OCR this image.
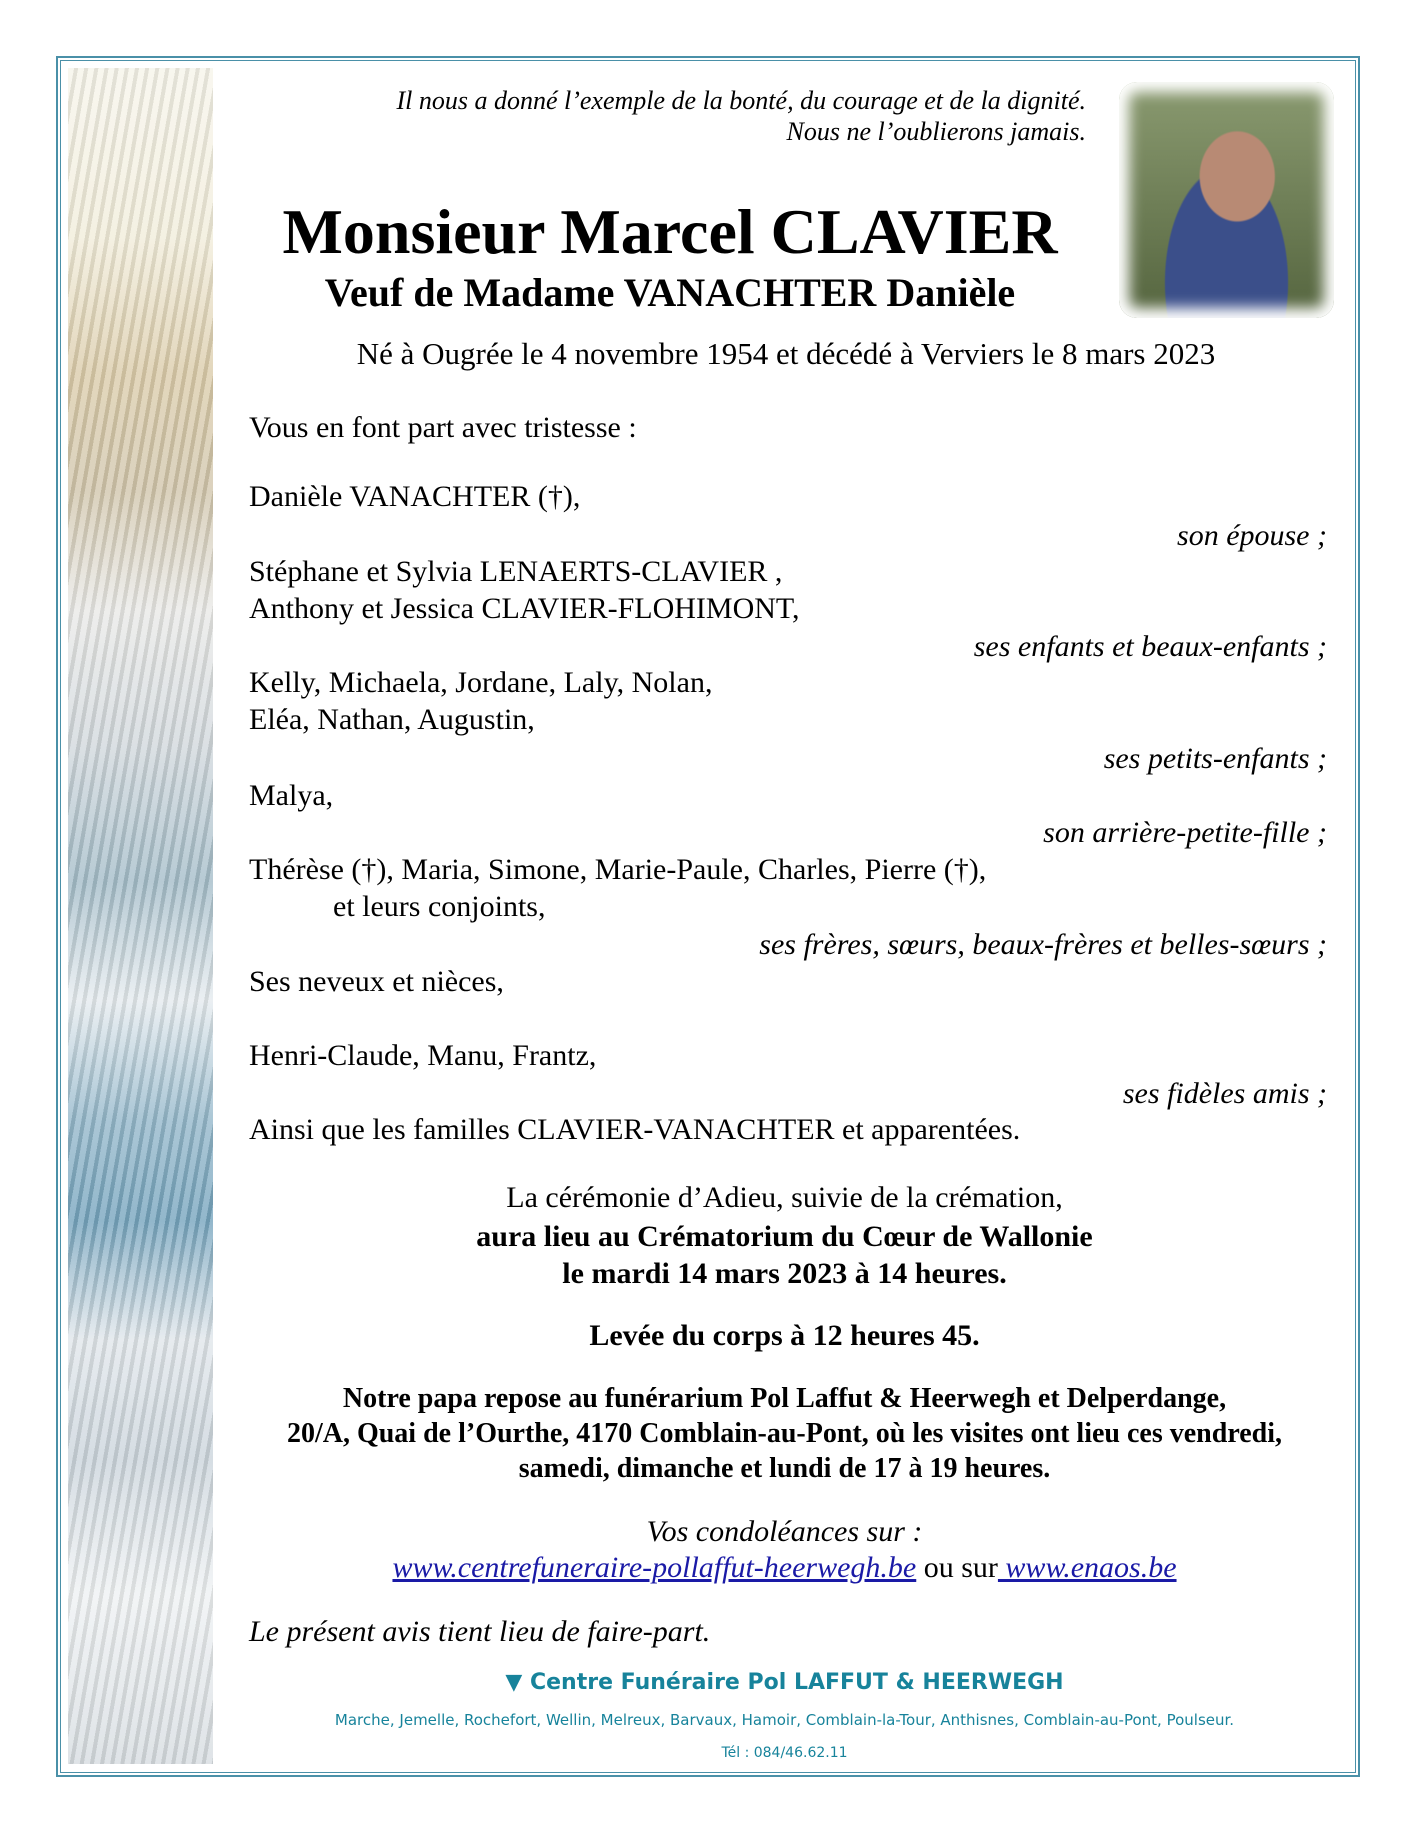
Il nous a donné l’exemple de la bonté, du courage et de la dignité.
Nous ne l’oublierons jamais.
Monsieur Marcel CLAVIER
Veuf de Madame VANACHTER Danièle
Né à Ougrée le 4 novembre 1954 et décédé à Verviers le 8 mars 2023
Vous en font part avec tristesse :
Danièle VANACHTER (†),
son épouse ;
Stéphane et Sylvia LENAERTS-CLAVIER ,
Anthony et Jessica CLAVIER-FLOHIMONT,
ses enfants et beaux-enfants ;
Kelly, Michaela, Jordane, Laly, Nolan,
Eléa, Nathan, Augustin,
ses petits-enfants ;
Malya,
son arrière-petite-fille ;
Thérèse (†), Maria, Simone, Marie-Paule, Charles, Pierre (†),
et leurs conjoints,
ses frères, sœurs, beaux-frères et belles-sœurs ;
Ses neveux et nièces,
Henri-Claude, Manu, Frantz,
ses fidèles amis ;
Ainsi que les familles CLAVIER-VANACHTER et apparentées.
La cérémonie d’Adieu, suivie de la crémation,
aura lieu au Crématorium du Cœur de Wallonie
le mardi 14 mars 2023 à 14 heures.
Levée du corps à 12 heures 45.
Notre papa repose au funérarium Pol Laffut & Heerwegh et Delperdange,
20/A, Quai de l’Ourthe, 4170 Comblain-au-Pont, où les visites ont lieu ces vendredi,
samedi, dimanche et lundi de 17 à 19 heures.
Vos condoléances sur :
www.centrefuneraire-pollaffut-heerwegh.be ou sur www.enaos.be
Le présent avis tient lieu de faire-part.
▼ Centre Funéraire Pol LAFFUT & HEERWEGH
Marche, Jemelle, Rochefort, Wellin, Melreux, Barvaux, Hamoir, Comblain-la-Tour, Anthisnes, Comblain-au-Pont, Poulseur.
Tél : 084/46.62.11
